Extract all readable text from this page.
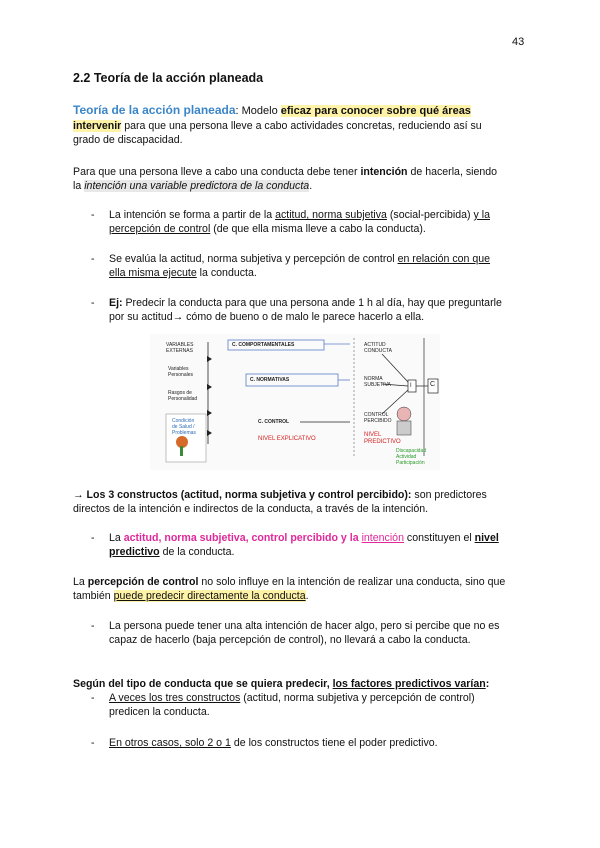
43
2.2 Teoría de la acción planeada
Teoría de la acción planeada: Modelo eficaz para conocer sobre qué áreas
intervenir para que una persona lleve a cabo actividades concretas, reduciendo así su
grado de discapacidad.
Para que una persona lleve a cabo una conducta debe tener intención de hacerla, siendo
la intención una variable predictora de la conducta.
- La intención se forma a partir de la actitud, norma subjetiva (social-percibida) y la
percepción de control (de que ella misma lleve a cabo la conducta).
- Se evalúa la actitud, norma subjetiva y percepción de control en relación con que
ella misma ejecute la conducta.
- Ej: Predecir la conducta para que una persona ande 1 h al día, hay que preguntarle
por su actitud→ cómo de bueno o de malo le parece hacerlo a ella.
VARIABLES
EXTERNAS
Variables
Personales
Rasgos de
Personalidad
Condición
de Salud /
Problemas
C. COMPORTAMENTALES
C. NORMATIVAS
C. CONTROL
ACTITUD
CONDUCTA
NORMA
SUBJETIVA
CONTROL
PERCIBIDO
I	C
NIVEL EXPLICATIVO
NIVEL
PREDICTIVO
Discapacidad
Actividad
Participación
→ Los 3 constructos (actitud, norma subjetiva y control percibido): son predictores
directos de la intención e indirectos de la conducta, a través de la intención.
- La actitud, norma subjetiva, control percibido y la intención constituyen el nivel
predictivo de la conducta.
La percepción de control no solo influye en la intención de realizar una conducta, sino que
también puede predecir directamente la conducta.
- La persona puede tener una alta intención de hacer algo, pero si percibe que no es
capaz de hacerlo (baja percepción de control), no llevará a cabo la conducta.
Según del tipo de conducta que se quiera predecir, los factores predictivos varían:
- A veces los tres constructos (actitud, norma subjetiva y percepción de control)
predicen la conducta.
- En otros casos, solo 2 o 1 de los constructos tiene el poder predictivo.
